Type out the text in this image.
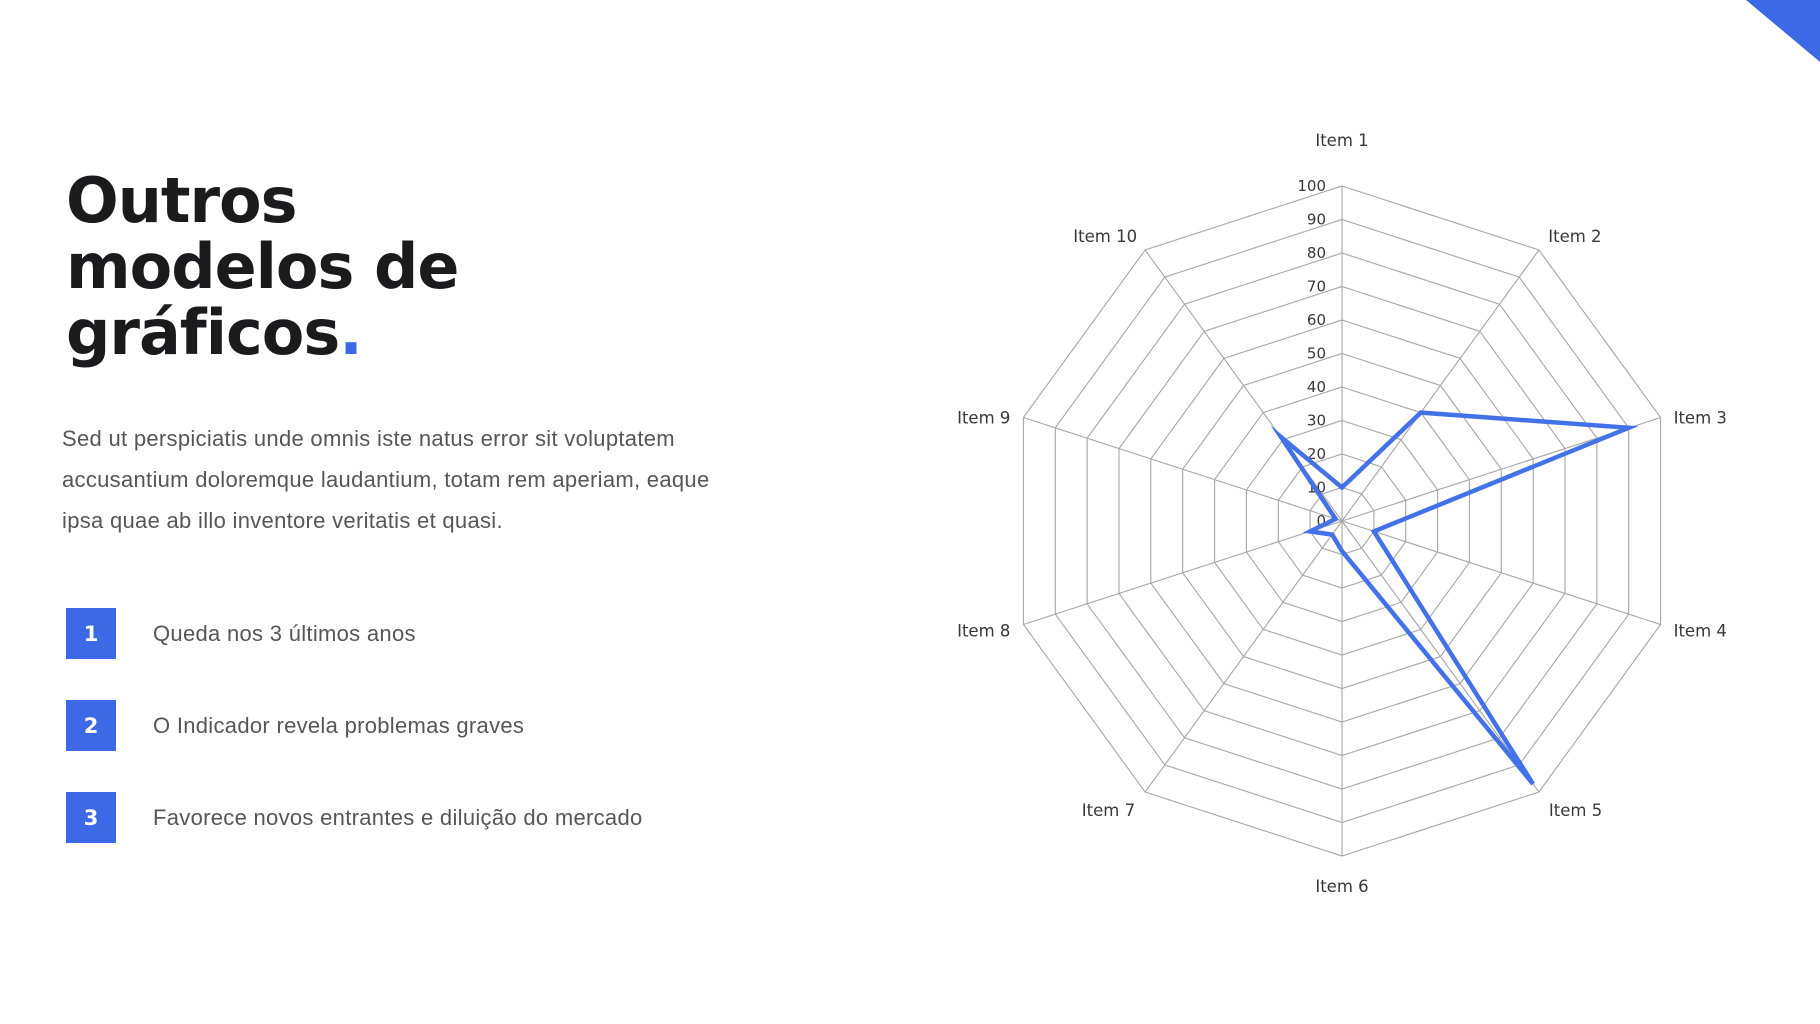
Outros
modelos de
gráficos.
Sed ut perspiciatis unde omnis iste natus error sit voluptatem
accusantium doloremque laudantium, totam rem aperiam, eaque
ipsa quae ab illo inventore veritatis et quasi.
1	Queda nos 3 últimos anos
2	O Indicador revela problemas graves
3	Favorece novos entrantes e diluição do mercado
0
10
20
30
40
50
60
70
80
90
100
Item 1
Item 2
Item 3
Item 4
Item 5
Item 6
Item 7
Item 8
Item 9
Item 10
